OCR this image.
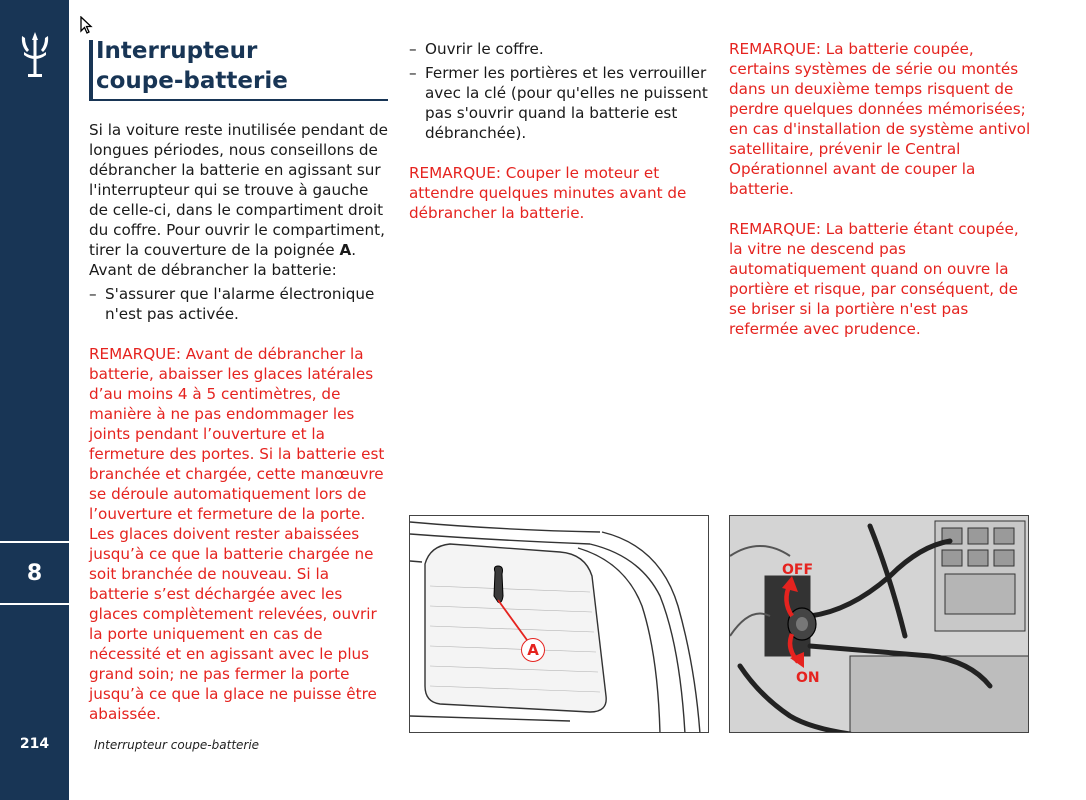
8
214
Interrupteur
coupe-batterie

Si la voiture reste inutilisée pendant de longues périodes, nous conseillons de débrancher la batterie en agissant sur l'interrupteur qui se trouve à gauche de celle-ci, dans le compartiment droit du coffre. Pour ouvrir le compartiment, tirer la couverture de la poignée A.

Avant de débrancher la batterie:

– S'assurer que l'alarme électronique n'est pas activée.

REMARQUE: Avant de débrancher la batterie, abaisser les glaces latérales d’au moins 4 à 5 centimètres, de manière à ne pas endommager les joints pendant l’ouverture et la fermeture des portes. Si la batterie est branchée et chargée, cette manœuvre se déroule automatiquement lors de l’ouverture et fermeture de la porte. Les glaces doivent rester abaissées jusqu’à ce que la batterie chargée ne soit branchée de nouveau. Si la batterie s’est déchargée avec les glaces complètement relevées, ouvrir la porte uniquement en cas de nécessité et en agissant avec le plus grand soin; ne pas fermer la porte jusqu’à ce que la glace ne puisse être abaissée.

– Ouvrir le coffre.

– Fermer les portières et les verrouiller avec la clé (pour qu'elles ne puissent pas s'ouvrir quand la batterie est débranchée).

REMARQUE: Couper le moteur et attendre quelques minutes avant de débrancher la batterie.

REMARQUE: La batterie coupée, certains systèmes de série ou montés dans un deuxième temps risquent de perdre quelques données mémorisées; en cas d'installation de système antivol satellitaire, prévenir le Central Opérationnel avant de couper la batterie.

REMARQUE: La batterie étant coupée, la vitre ne descend pas automatiquement quand on ouvre la portière et risque, par conséquent, de se briser si la portière n'est pas refermée avec prudence.

A
OFF
ON
Interrupteur coupe-batterie
